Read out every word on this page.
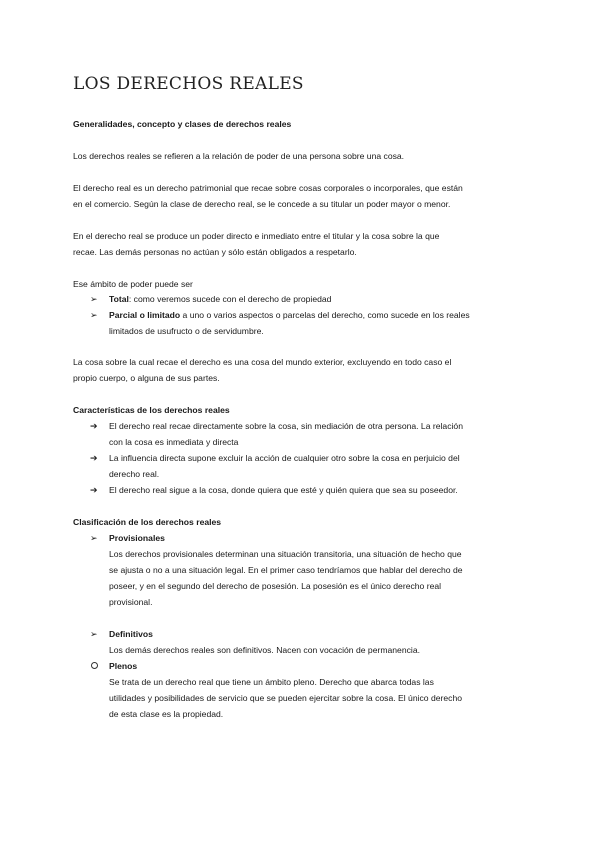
LOS DERECHOS REALES
Generalidades, concepto y clases de derechos reales
Los derechos reales se refieren a la relación de poder de una persona sobre una cosa.
El derecho real es un derecho patrimonial que recae sobre cosas corporales o incorporales, que están
en el comercio. Según la clase de derecho real, se le concede a su titular un poder mayor o menor.
En el derecho real se produce un poder directo e inmediato entre el titular y la cosa sobre la que
recae. Las demás personas no actúan y sólo están obligados a respetarlo.
Ese ámbito de poder puede ser
➢ Total: como veremos sucede con el derecho de propiedad
➢ Parcial o limitado a uno o varios aspectos o parcelas del derecho, como sucede en los reales
limitados de usufructo o de servidumbre.
La cosa sobre la cual recae el derecho es una cosa del mundo exterior, excluyendo en todo caso el
propio cuerpo, o alguna de sus partes.
Características de los derechos reales
➔ El derecho real recae directamente sobre la cosa, sin mediación de otra persona. La relación
con la cosa es inmediata y directa
➔ La influencia directa supone excluir la acción de cualquier otro sobre la cosa en perjuicio del
derecho real.
➔ El derecho real sigue a la cosa, donde quiera que esté y quién quiera que sea su poseedor.
Clasificación de los derechos reales
➢ Provisionales
Los derechos provisionales determinan una situación transitoria, una situación de hecho que
se ajusta o no a una situación legal. En el primer caso tendríamos que hablar del derecho de
poseer, y en el segundo del derecho de posesión. La posesión es el único derecho real
provisional.
➢ Definitivos
Los demás derechos reales son definitivos. Nacen con vocación de permanencia.
Plenos
Se trata de un derecho real que tiene un ámbito pleno. Derecho que abarca todas las
utilidades y posibilidades de servicio que se pueden ejercitar sobre la cosa. El único derecho
de esta clase es la propiedad.
